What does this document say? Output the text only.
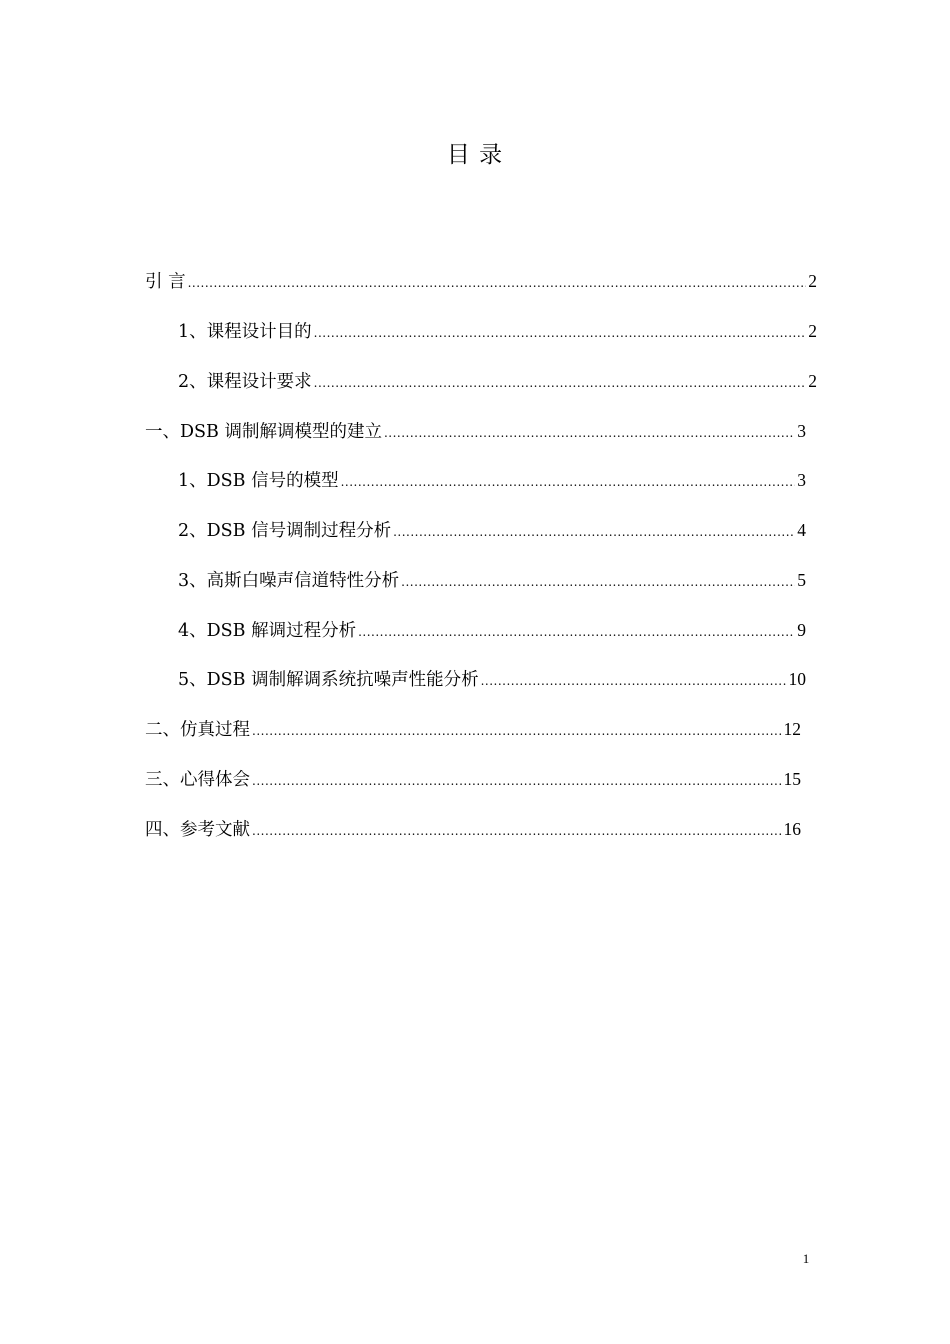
目 录
引 言 .....	2
1、课程设计目的 .....	2
2、课程设计要求 .....	2
一、DSB 调制解调模型的建立 .....	3
1、DSB 信号的模型 .....	3
2、DSB 信号调制过程分析 .....	4
3、高斯白噪声信道特性分析 .....	5
4、DSB 解调过程分析 .....	9
5、DSB 调制解调系统抗噪声性能分析 .....	10
二、仿真过程 .....	12
三、心得体会 .....	15
四、参考文献 .....	16
1
